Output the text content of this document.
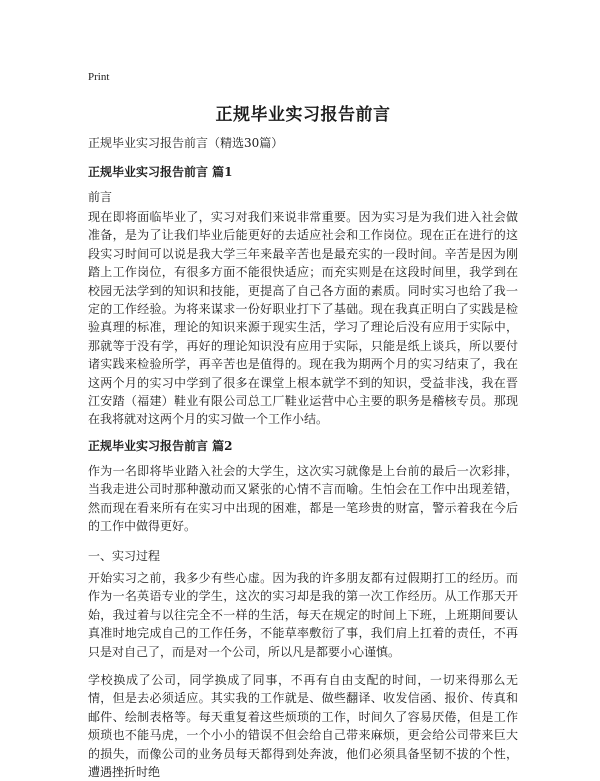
Print
正规毕业实习报告前言
正规毕业实习报告前言（精选30篇）
正规毕业实习报告前言 篇1
前言

现在即将面临毕业了，实习对我们来说非常重要。因为实习是为我们进入社会做准备，是为了让我们毕业后能更好的去适应社会和工作岗位。现在正在进行的这段实习时间可以说是我大学三年来最辛苦也是最充实的一段时间。辛苦是因为刚踏上工作岗位，有很多方面不能很快适应；而充实则是在这段时间里，我学到在校园无法学到的知识和技能，更提高了自己各方面的素质。同时实习也给了我一定的工作经验。为将来谋求一份好职业打下了基础。现在我真正明白了实践是检验真理的标准，理论的知识来源于现实生活，学习了理论后没有应用于实际中，那就等于没有学，再好的理论知识没有应用于实际，只能是纸上谈兵，所以要付诸实践来检验所学，再辛苦也是值得的。现在我为期两个月的实习结束了，我在这两个月的实习中学到了很多在课堂上根本就学不到的知识，受益非浅，我在晋江安踏（福建）鞋业有限公司总工厂鞋业运营中心主要的职务是稽核专员。那现在我将就对这两个月的实习做一个工作小结。

正规毕业实习报告前言 篇2

作为一名即将毕业踏入社会的大学生，这次实习就像是上台前的最后一次彩排，当我走进公司时那种激动而又紧张的心情不言而喻。生怕会在工作中出现差错，然而现在看来所有在实习中出现的困难，都是一笔珍贵的财富，警示着我在今后的工作中做得更好。

一、实习过程

开始实习之前，我多少有些心虚。因为我的许多朋友都有过假期打工的经历。而作为一名英语专业的学生，这次的实习却是我的第一次工作经历。从工作那天开始，我过着与以往完全不一样的生活，每天在规定的时间上下班，上班期间要认真准时地完成自己的工作任务，不能草率敷衍了事，我们肩上扛着的责任，不再只是对自己了，而是对一个公司，所以凡是都要小心谨慎。

学校换成了公司，同学换成了同事，不再有自由支配的时间，一切来得那么无情，但是去必须适应。其实我的工作就是、做些翻译、收发信函、报价、传真和邮件、绘制表格等。每天重复着这些烦琐的工作，时间久了容易厌倦，但是工作烦琐也不能马虎，一个小小的错误不但会给自己带来麻烦，更会给公司带来巨大的损失，而像公司的业务员每天都得到处奔波，他们必须具备坚韧不拔的个性，遭遇挫折时绝
